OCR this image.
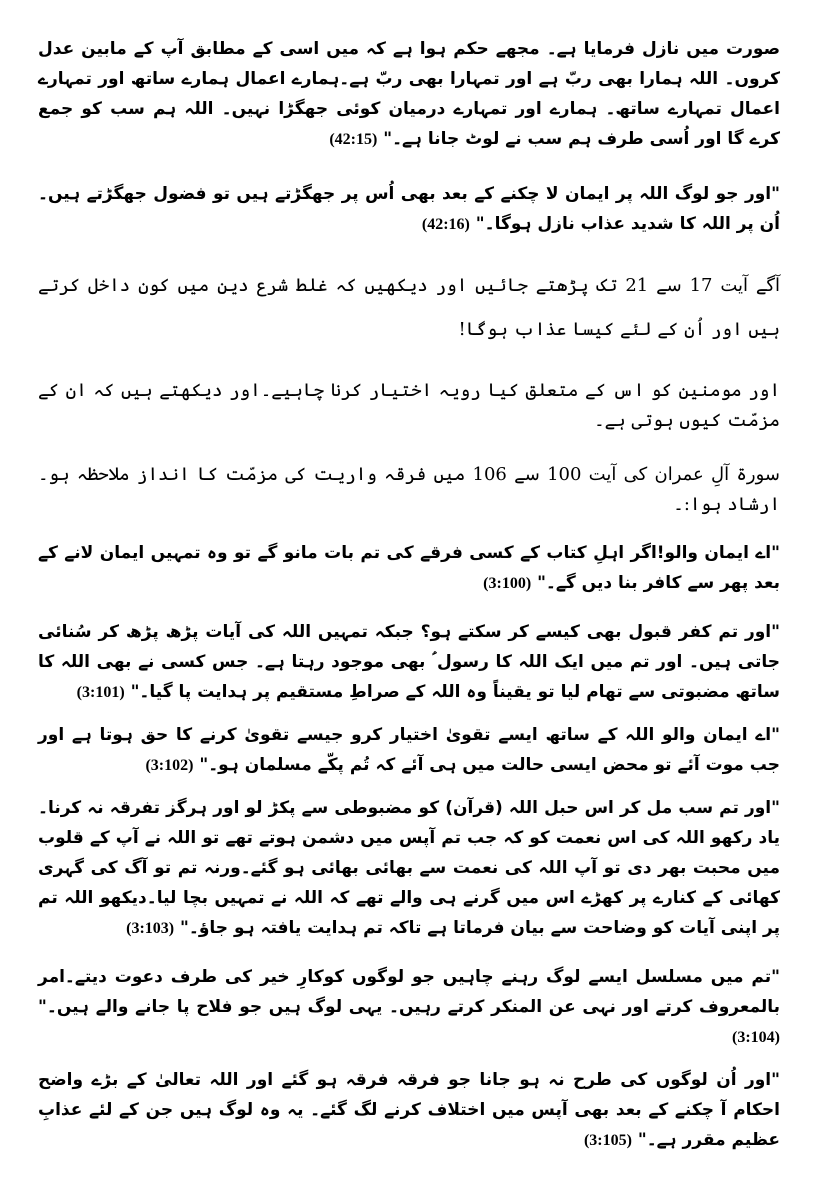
صورت میں نازل فرمایا ہے۔ مجھے حکم ہوا ہے کہ میں اسی کے مطابق آپ کے مابین عدل کروں۔ اللہ ہمارا بھی ربّ ہے اور تمہارا بھی ربّ ہے۔ہمارے اعمال ہمارے ساتھ اور تمہارے اعمال تمہارے ساتھ۔ ہمارے اور تمہارے درمیان کوئی جھگڑا نہیں۔ اللہ ہم سب کو جمع کرے گا اور اُسی طرف ہم سب نے لوٹ جانا ہے۔" (42:15)

"اور جو لوگ اللہ پر ایمان لا چکنے کے بعد بھی اُس پر جھگڑتے ہیں تو فضول جھگڑتے ہیں۔ اُن پر اللہ کا شدید عذاب نازل ہوگا۔" (42:16)

آگے آیت 17 سے 21 تک پڑھتے جائیں اور دیکھیں کہ غلط شرع دین میں کون داخل کرتے ہیں اور اُن کے لئے کیسا عذاب ہوگا!

اور مومنین کو اس کے متعلق کیا رویہ اختیار کرنا چاہیے۔اور دیکھتے ہیں کہ ان کے مزمّت کیوں ہوتی ہے۔

سورۃ آلِ عمران کی آیت 100 سے 106 میں فرقہ واریت کی مزمّت کا انداز ملاحظہ ہو۔ارشاد ہوا:۔

"اے ایمان والو!اگر اہلِ کتاب کے کسی فرقے کی تم بات مانو گے تو وہ تمہیں ایمان لانے کے بعد پھر سے کافر بنا دیں گے۔" (3:100)

"اور تم کفر قبول بھی کیسے کر سکتے ہو؟ جبکہ تمہیں اللہ کی آیات پڑھ پڑھ کر سُنائی جاتی ہیں۔ اور تم میں ایک اللہ کا رسول ؑ بھی موجود رہتا ہے۔ جس کسی نے بھی اللہ کا ساتھ مضبوتی سے تھام لیا تو یقیناً وہ اللہ کے صراطِ مستقیم پر ہدایت پا گیا۔" (3:101)

"اے ایمان والو اللہ کے ساتھ ایسے تقویٰ اختیار کرو جیسے تقویٰ کرنے کا حق ہوتا ہے اور جب موت آئے تو محض ایسی حالت میں ہی آئے کہ تُم پکّے مسلمان ہو۔" (3:102)

"اور تم سب مل کر اس حبل اللہ (قرآن) کو مضبوطی سے پکڑ لو اور ہرگز تفرقہ نہ کرنا۔یاد رکھو اللہ کی اس نعمت کو کہ جب تم آپس میں دشمن ہوتے تھے تو اللہ نے آپ کے قلوب میں محبت بھر دی تو آپ اللہ کی نعمت سے بھائی بھائی ہو گئے۔ورنہ تم تو آگ کی گہری کھائی کے کنارے پر کھڑے اس میں گرنے ہی والے تھے کہ اللہ نے تمہیں بچا لیا۔دیکھو اللہ تم پر اپنی آیات کو وضاحت سے بیان فرماتا ہے تاکہ تم ہدایت یافتہ ہو جاؤ۔" (3:103)

"تم میں مسلسل ایسے لوگ رہنے چاہیں جو لوگوں کوکارِ خیر کی طرف دعوت دیتے۔امر بالمعروف کرتے اور نہی عن المنکر کرتے رہیں۔ یہی لوگ ہیں جو فلاح پا جانے والے ہیں۔" (3:104)

"اور اُن لوگوں کی طرح نہ ہو جانا جو فرقہ فرقہ ہو گئے اور اللہ تعالیٰ کے بڑے واضح احکام آ چکنے کے بعد بھی آپس میں اختلاف کرنے لگ گئے۔ یہ وہ لوگ ہیں جن کے لئے عذابِ عظیم مقرر ہے۔" (3:105)
